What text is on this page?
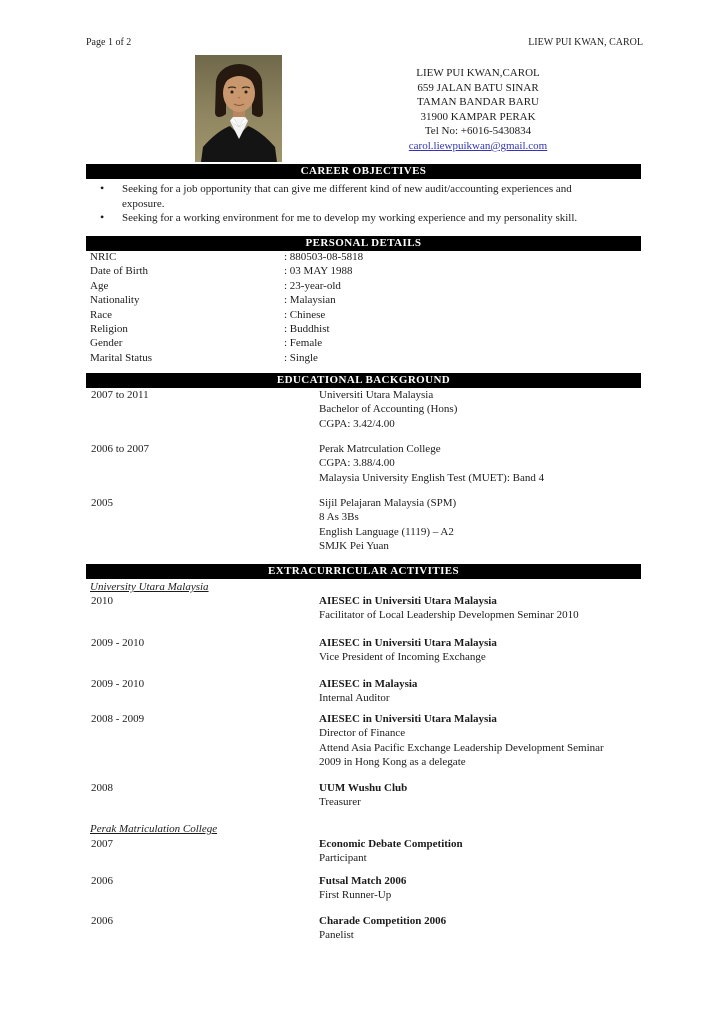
Page 1 of 2	LIEW PUI KWAN, CAROL
LIEW PUI KWAN,CAROL
659 JALAN BATU SINAR
TAMAN BANDAR BARU
31900 KAMPAR PERAK
Tel No: +6016-5430834
carol.liewpuikwan@gmail.com
CAREER OBJECTIVES
• Seeking for a job opportunity that can give me different kind of new audit/accounting experiences and
exposure.
• Seeking for a working environment for me to develop my working experience and my personality skill.
PERSONAL DETAILS
NRIC	: 880503-08-5818
Date of Birth	: 03 MAY 1988
Age	: 23-year-old
Nationality	: Malaysian
Race	: Chinese
Religion	: Buddhist
Gender	: Female
Marital Status	: Single
EDUCATIONAL BACKGROUND
2007 to 2011	Universiti Utara Malaysia
Bachelor of Accounting (Hons)
CGPA: 3.42/4.00
2006 to 2007	Perak Matrculation College
CGPA: 3.88/4.00
Malaysia University English Test (MUET): Band 4
2005	Sijil Pelajaran Malaysia (SPM)
8 As 3Bs
English Language (1119) – A2
SMJK Pei Yuan
EXTRACURRICULAR ACTIVITIES
University Utara Malaysia
2010	AIESEC in Universiti Utara Malaysia
Facilitator of Local Leadership Developmen Seminar 2010
2009 - 2010	AIESEC in Universiti Utara Malaysia
Vice President of Incoming Exchange
2009 - 2010	AIESEC in Malaysia
Internal Auditor
2008 - 2009	AIESEC in Universiti Utara Malaysia
Director of Finance
Attend Asia Pacific Exchange Leadership Development Seminar
2009 in Hong Kong as a delegate
2008	UUM Wushu Club
Treasurer
Perak Matriculation College
2007	Economic Debate Competition
Participant
2006	Futsal Match 2006
First Runner-Up
2006	Charade Competition 2006
Panelist
